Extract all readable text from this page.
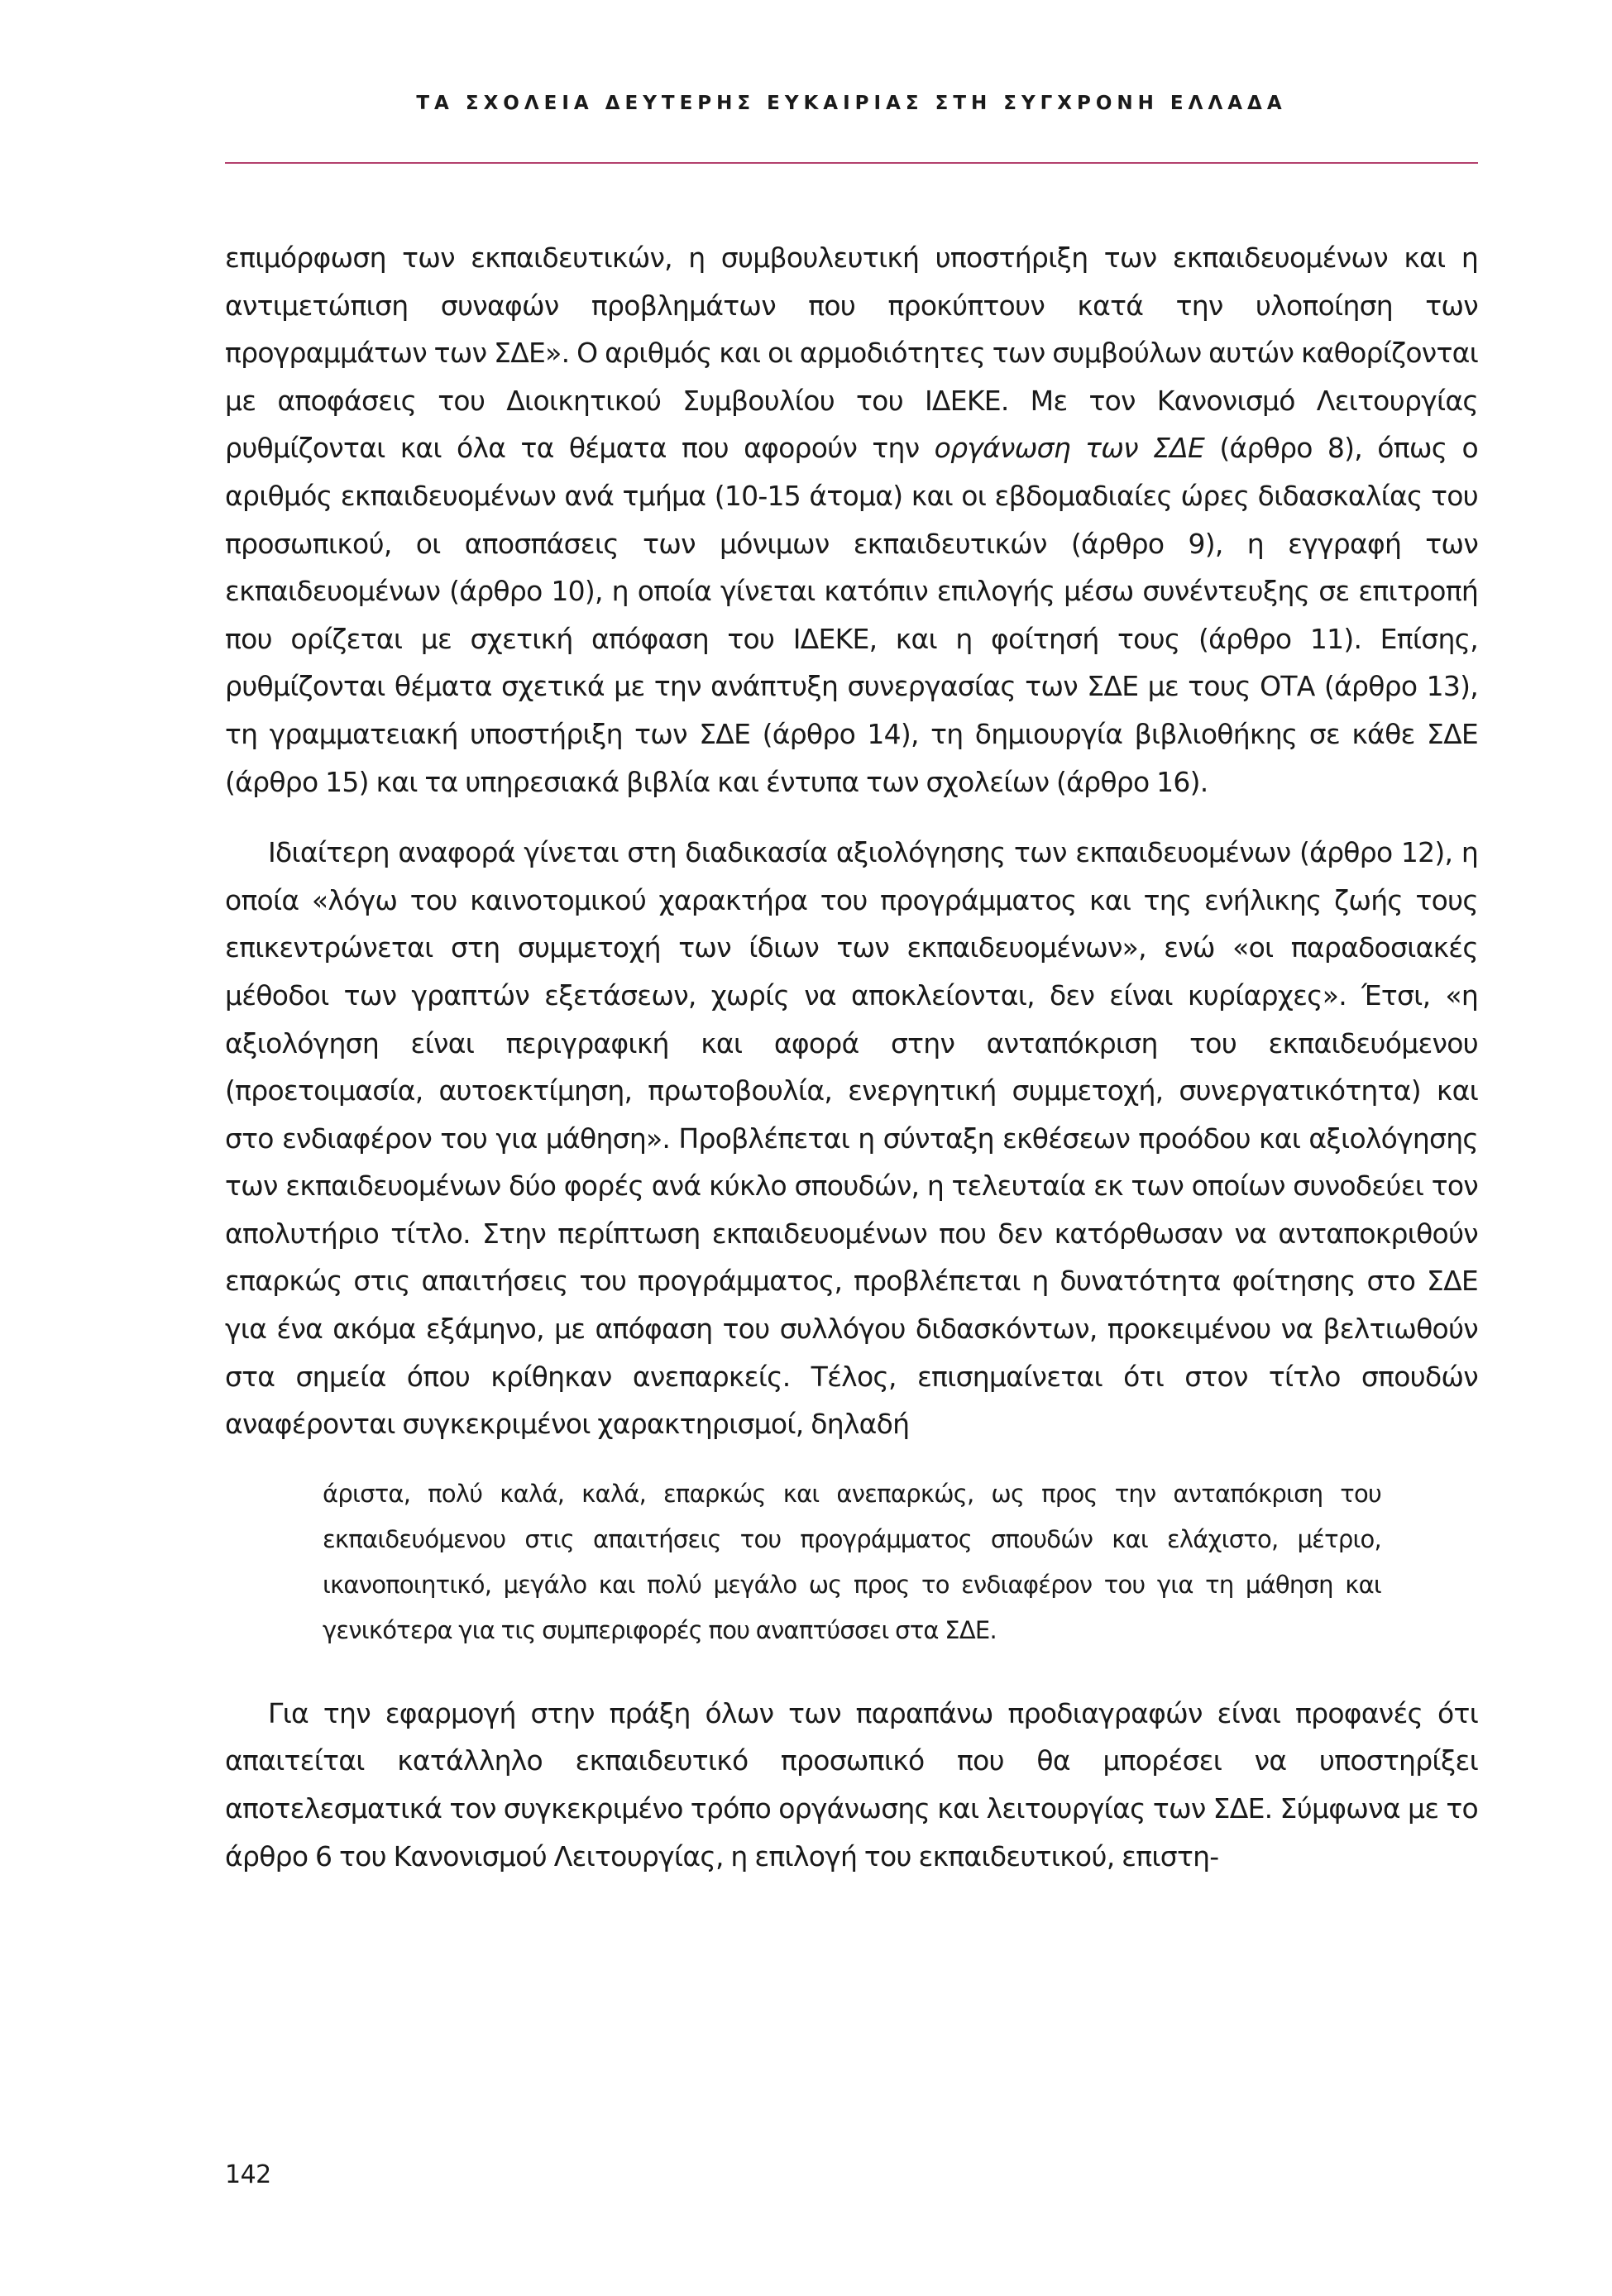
ΤΑ ΣΧΟΛΕΙΑ ΔΕΥΤΕΡΗΣ ΕΥΚΑΙΡΙΑΣ ΣΤΗ ΣΥΓΧΡΟΝΗ ΕΛΛΑΔΑ

επιμόρφωση των εκπαιδευτικών, η συμβουλευτική υποστήριξη των εκπαιδευομένων και η αντιμετώπιση συναφών προβλημάτων που προκύπτουν κατά την υλοποίηση των προγραμμάτων των ΣΔΕ». Ο αριθμός και οι αρμοδιότητες των συμβούλων αυτών καθορίζονται με αποφάσεις του Διοικητικού Συμβουλίου του ΙΔΕΚΕ. Με τον Κανονισμό Λειτουργίας ρυθμίζονται και όλα τα θέματα που αφορούν την οργάνωση των ΣΔΕ (άρθρο 8), όπως ο αριθμός εκπαιδευομένων ανά τμήμα (10-15 άτομα) και οι εβδομαδιαίες ώρες διδασκαλίας του προσωπικού, οι αποσπάσεις των μόνιμων εκπαιδευτικών (άρθρο 9), η εγγραφή των εκπαιδευομένων (άρθρο 10), η οποία γίνεται κατόπιν επιλογής μέσω συνέντευξης σε επιτροπή που ορίζεται με σχετική απόφαση του ΙΔΕΚΕ, και η φοίτησή τους (άρθρο 11). Επίσης, ρυθμίζονται θέματα σχετικά με την ανάπτυξη συνεργασίας των ΣΔΕ με τους ΟΤΑ (άρθρο 13), τη γραμματειακή υποστήριξη των ΣΔΕ (άρθρο 14), τη δημιουργία βιβλιοθήκης σε κάθε ΣΔΕ (άρθρο 15) και τα υπηρεσιακά βιβλία και έντυπα των σχολείων (άρθρο 16).

Ιδιαίτερη αναφορά γίνεται στη διαδικασία αξιολόγησης των εκπαιδευομένων (άρθρο 12), η οποία «λόγω του καινοτομικού χαρακτήρα του προγράμματος και της ενήλικης ζωής τους επικεντρώνεται στη συμμετοχή των ίδιων των εκπαιδευομένων», ενώ «οι παραδοσιακές μέθοδοι των γραπτών εξετάσεων, χωρίς να αποκλείονται, δεν είναι κυρίαρχες». Έτσι, «η αξιολόγηση είναι περιγραφική και αφορά στην ανταπόκριση του εκπαιδευόμενου (προετοιμασία, αυτοεκτίμηση, πρωτοβουλία, ενεργητική συμμετοχή, συνεργατικότητα) και στο ενδιαφέρον του για μάθηση». Προβλέπεται η σύνταξη εκθέσεων προόδου και αξιολόγησης των εκπαιδευομένων δύο φορές ανά κύκλο σπουδών, η τελευταία εκ των οποίων συνοδεύει τον απολυτήριο τίτλο. Στην περίπτωση εκπαιδευομένων που δεν κατόρθωσαν να ανταποκριθούν επαρκώς στις απαιτήσεις του προγράμματος, προβλέπεται η δυνατότητα φοίτησης στο ΣΔΕ για ένα ακόμα εξάμηνο, με απόφαση του συλλόγου διδασκόντων, προκειμένου να βελτιωθούν στα σημεία όπου κρίθηκαν ανεπαρκείς. Τέλος, επισημαίνεται ότι στον τίτλο σπουδών αναφέρονται συγκεκριμένοι χαρακτηρισμοί, δηλαδή

άριστα, πολύ καλά, καλά, επαρκώς και ανεπαρκώς, ως προς την ανταπόκριση του εκπαιδευόμενου στις απαιτήσεις του προγράμματος σπουδών και ελάχιστο, μέτριο, ικανοποιητικό, μεγάλο και πολύ μεγάλο ως προς το ενδιαφέρον του για τη μάθηση και γενικότερα για τις συμπεριφορές που αναπτύσσει στα ΣΔΕ.

Για την εφαρμογή στην πράξη όλων των παραπάνω προδιαγραφών είναι προφανές ότι απαιτείται κατάλληλο εκπαιδευτικό προσωπικό που θα μπορέσει να υποστηρίξει αποτελεσματικά τον συγκεκριμένο τρόπο οργάνωσης και λειτουργίας των ΣΔΕ. Σύμφωνα με το άρθρο 6 του Κανονισμού Λειτουργίας, η επιλογή του εκπαιδευτικού, επιστη-

142
